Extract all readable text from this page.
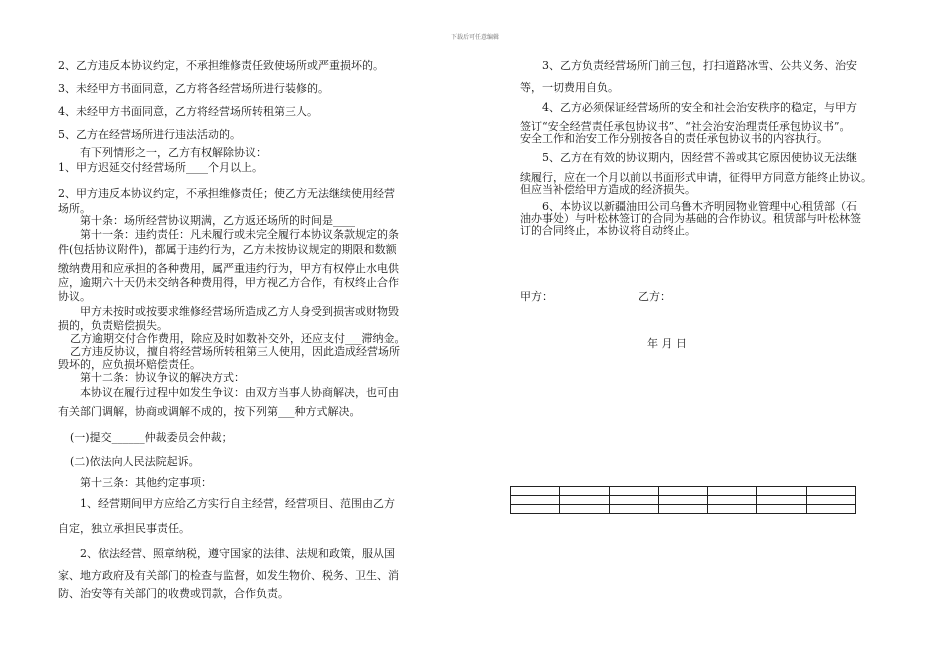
下载后可任意编辑

2、乙方违反本协议约定，不承担维修责任致使场所或严重损坏的。

3、未经甲方书面同意，乙方将各经营场所进行装修的。

4、未经甲方书面同意，乙方将经营场所转租第三人。

5、乙方在经营场所进行违法活动的。

有下列情形之一，乙方有权解除协议：

1、甲方迟延交付经营场所____个月以上。

2、甲方违反本协议约定，不承担维修责任；使乙方无法继续使用经营

场所。

第十条：场所经营协议期满，乙方返还场所的时间是____

第十一条：违约责任：凡未履行或未完全履行本协议条款规定的条

件(包括协议附件)，都属于违约行为，乙方未按协议规定的期限和数额

缴纳费用和应承担的各种费用，属严重违约行为，甲方有权停止水电供

应，逾期六十天仍未交纳各种费用得，甲方视乙方合作，有权终止合作

协议。

甲方未按时或按要求维修经营场所造成乙方人身受到损害或财物毁

损的，负责赔偿损失。

乙方逾期交付合作费用，除应及时如数补交外，还应支付___滞纳金。

乙方违反协议，擅自将经营场所转租第三人使用，因此造成经营场所

毁坏的，应负损坏赔偿责任。

第十二条：协议争议的解决方式：

本协议在履行过程中如发生争议：由双方当事人协商解决，也可由

有关部门调解，协商或调解不成的，按下列第___种方式解决。

(一)提交______仲裁委员会仲裁；

(二)依法向人民法院起诉。

第十三条：其他约定事项：

1、经营期间甲方应给乙方实行自主经营，经营项目、范围由乙方

自定，独立承担民事责任。

2、依法经营、照章纳税，遵守国家的法律、法规和政策，服从国

家、地方政府及有关部门的检查与监督，如发生物价、税务、卫生、消

防、治安等有关部门的收费或罚款，合作负责。

3、乙方负责经营场所门前三包，打扫道路冰雪、公共义务、治安

等，一切费用自负。

4、乙方必须保证经营场所的安全和社会治安秩序的稳定，与甲方

签订“安全经营责任承包协议书”、“社会治安治理责任承包协议书”。

安全工作和治安工作分别按各自的责任承包协议书的内容执行。

5、乙方在有效的协议期内，因经营不善或其它原因使协议无法继

续履行，应在一个月以前以书面形式申请，征得甲方同意方能终止协议。

但应当补偿给甲方造成的经济损失。

6、本协议以新疆油田公司乌鲁木齐明园物业管理中心租赁部（石

油办事处）与叶松林签订的合同为基础的合作协议。租赁部与叶松林签

订的合同终止，本协议将自动终止。

甲方：	乙方：
年 月 日
